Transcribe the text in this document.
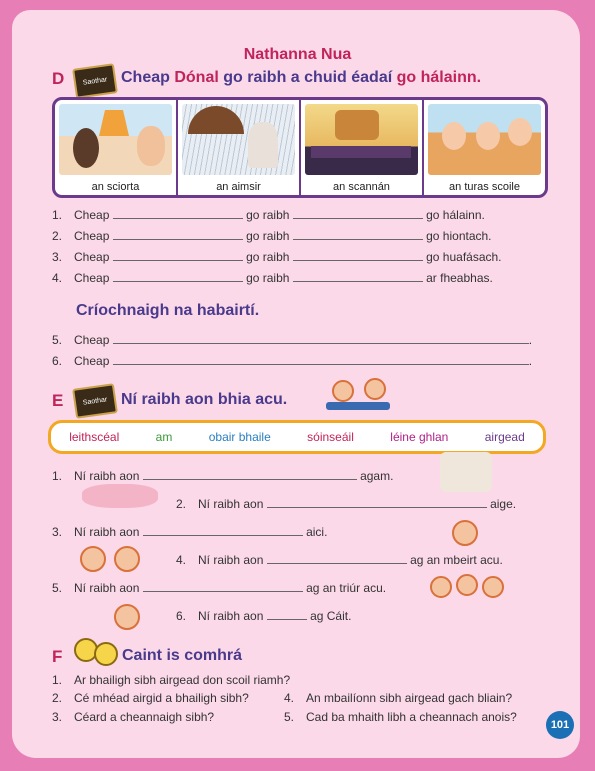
Nathanna Nua
D	Saothar Cheap Dónal go raibh a chuid éadaí go hálainn.
an sciorta	an aimsir	an scannán	an turas scoile
1. Cheap	go raibh	go hálainn.
2. Cheap	go raibh	go hiontach.
3. Cheap	go raibh	go huafásach.
4. Cheap	go raibh	ar fheabhas.
Críochnaigh na habairtí.
5. Cheap	.
6. Cheap	.
E	Saothar Ní raibh aon bhia acu.
leithscéal	am	obair bhaile	sóinseáil	léine ghlan	airgead
1. Ní raibh aon	agam.
2. Ní raibh aon	aige.
3. Ní raibh aon	aici.
4. Ní raibh aon	ag an mbeirt acu.
5. Ní raibh aon	ag an triúr acu.
6. Ní raibh aon	ag Cáit.
F	Caint is comhrá
1. Ar bhailigh sibh airgead don scoil riamh?
2. Cé mhéad airgid a bhailigh sibh?
3. Céard a cheannaigh sibh?
4. An mbailíonn sibh airgead gach bliain?
5. Cad ba mhaith libh a cheannach anois?
101
